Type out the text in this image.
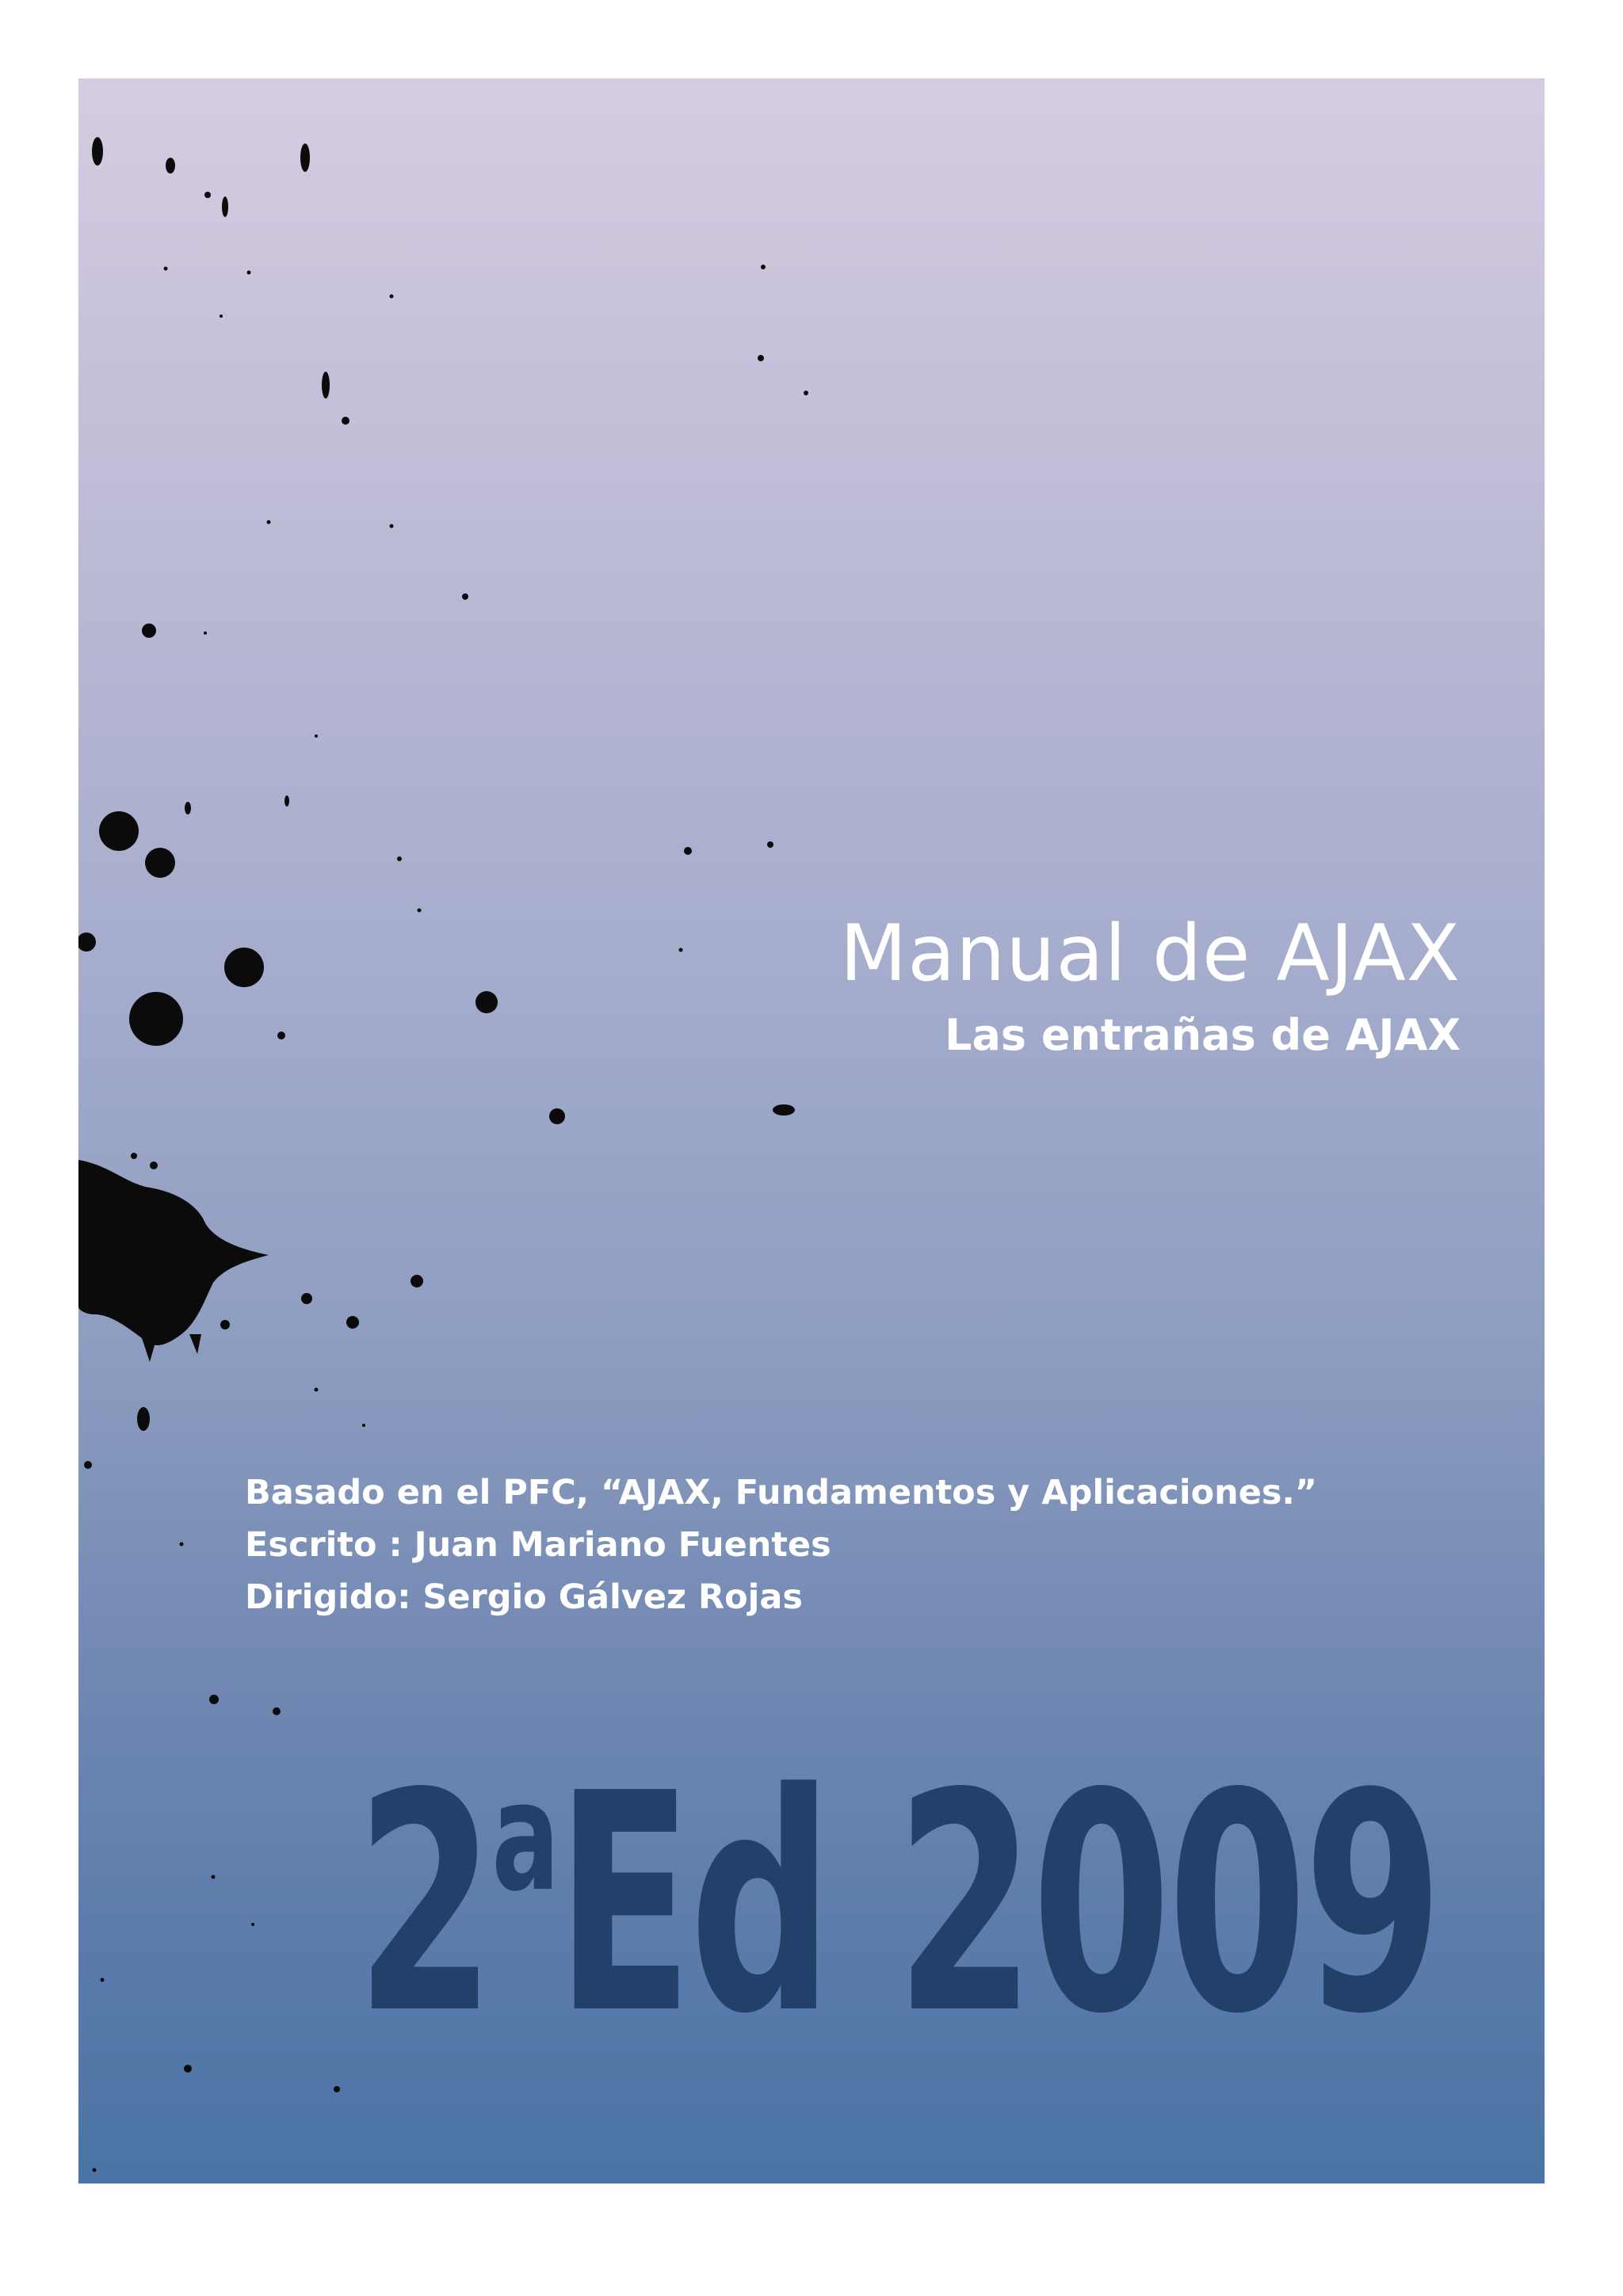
Manual de AJAX
Las entrañas de AJAX
Basado en el PFC, “AJAX, Fundamentos y Aplicaciones.”
Escrito : Juan Mariano Fuentes
Dirigido: Sergio Gálvez Rojas
2$^a$Ed 2009
